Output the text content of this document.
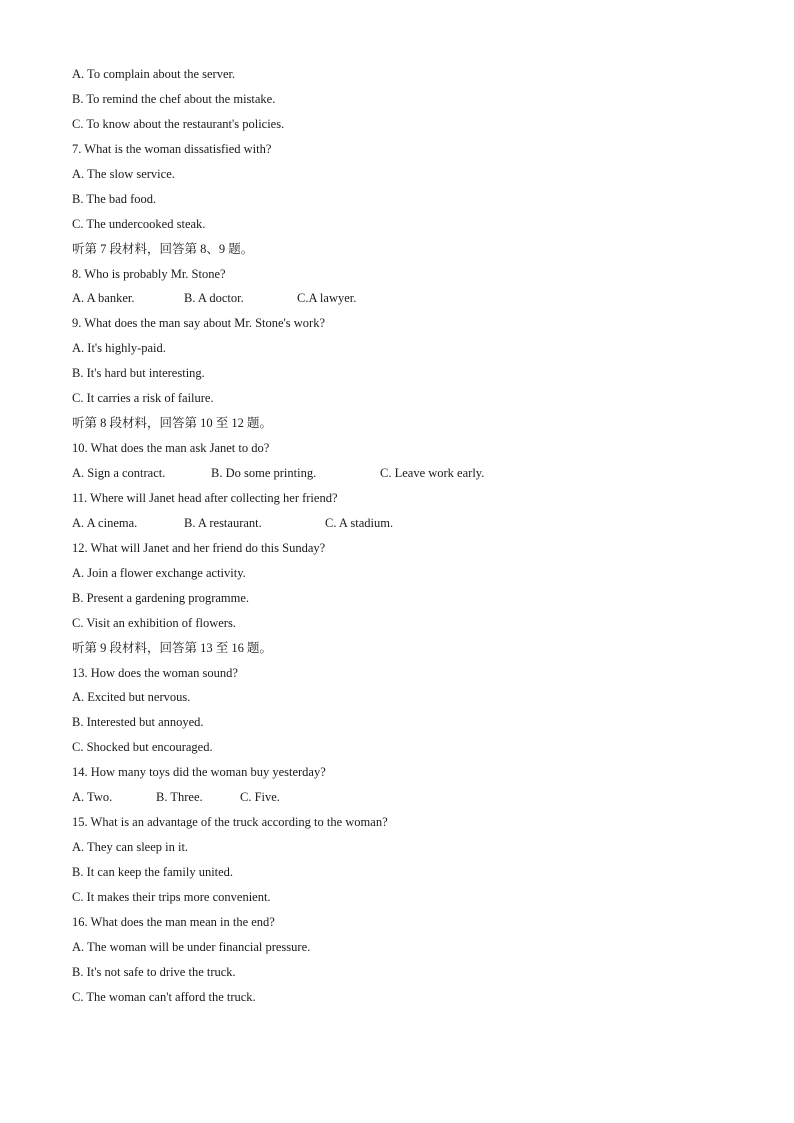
A. To complain about the server.
B. To remind the chef about the mistake.
C. To know about the restaurant's policies.
7. What is the woman dissatisfied with?
A. The slow service.
B. The bad food.
C. The undercooked steak.
听第 7 段材料，回答第 8、9 题。
8. Who is probably Mr. Stone?
A. A banker.	B. A doctor.	C.A lawyer.
9. What does the man say about Mr. Stone's work?
A. It's highly-paid.
B. It's hard but interesting.
C. It carries a risk of failure.
听第 8 段材料，回答第 10 至 12 题。
10. What does the man ask Janet to do?
A. Sign a contract.	B. Do some printing.	C. Leave work early.
11. Where will Janet head after collecting her friend?
A. A cinema.	B. A restaurant.	C. A stadium.
12. What will Janet and her friend do this Sunday?
A. Join a flower exchange activity.
B. Present a gardening programme.
C. Visit an exhibition of flowers.
听第 9 段材料，回答第 13 至 16 题。
13. How does the woman sound?
A. Excited but nervous.
B. Interested but annoyed.
C. Shocked but encouraged.
14. How many toys did the woman buy yesterday?
A. Two.	B. Three.	C. Five.
15. What is an advantage of the truck according to the woman?
A. They can sleep in it.
B. It can keep the family united.
C. It makes their trips more convenient.
16. What does the man mean in the end?
A. The woman will be under financial pressure.
B. It's not safe to drive the truck.
C. The woman can't afford the truck.
